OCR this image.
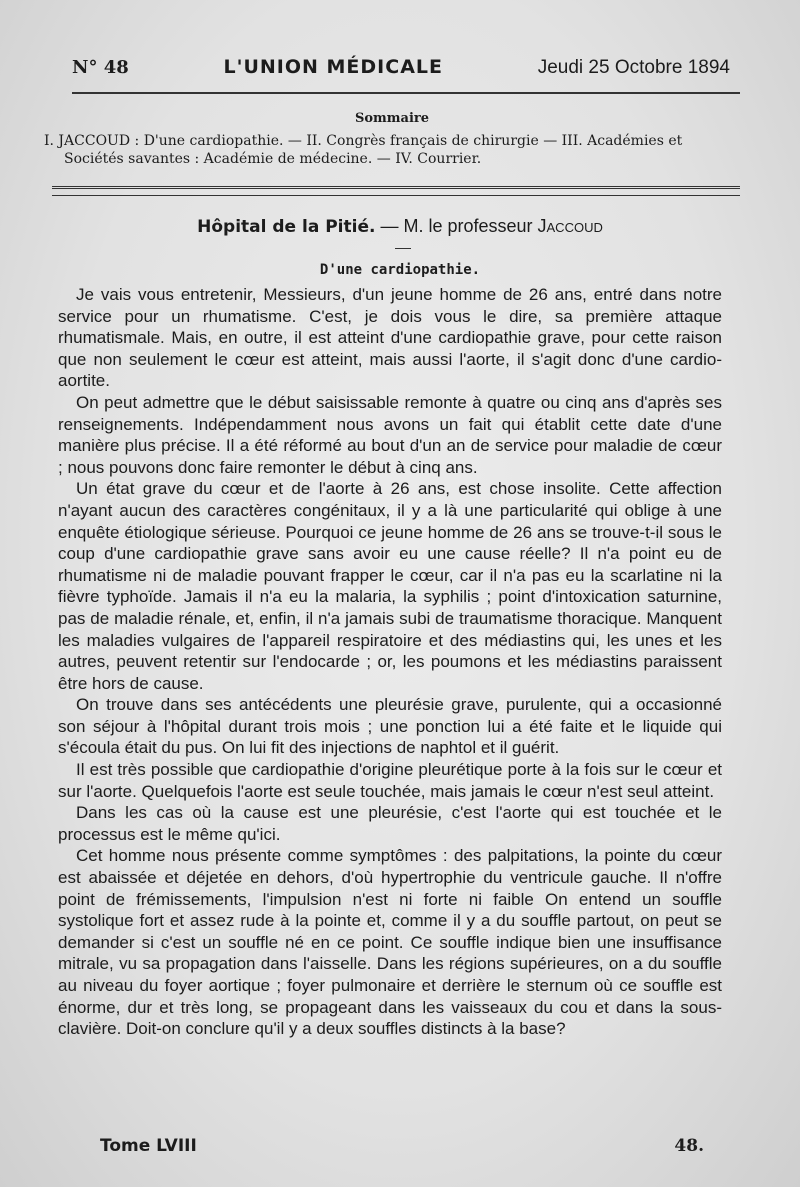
N° 48	L'UNION MÉDICALE	Jeudi 25 Octobre 1894
Sommaire
I. JACCOUD : D'une cardiopathie. — II. Congrès français de chirurgie — III. Académies et Sociétés savantes : Académie de médecine. — IV. Courrier.
Hôpital de la Pitié. — M. le professeur Jaccoud
D'une cardiopathie.

Je vais vous entretenir, Messieurs, d'un jeune homme de 26 ans, entré dans notre service pour un rhumatisme. C'est, je dois vous le dire, sa première attaque rhumatismale. Mais, en outre, il est atteint d'une cardiopathie grave, pour cette raison que non seulement le cœur est atteint, mais aussi l'aorte, il s'agit donc d'une cardio-aortite.

On peut admettre que le début saisissable remonte à quatre ou cinq ans d'après ses renseignements. Indépendamment nous avons un fait qui établit cette date d'une manière plus précise. Il a été réformé au bout d'un an de service pour maladie de cœur ; nous pouvons donc faire remonter le début à cinq ans.

Un état grave du cœur et de l'aorte à 26 ans, est chose insolite. Cette affection n'ayant aucun des caractères congénitaux, il y a là une particularité qui oblige à une enquête étiologique sérieuse. Pourquoi ce jeune homme de 26 ans se trouve-t-il sous le coup d'une cardiopathie grave sans avoir eu une cause réelle? Il n'a point eu de rhumatisme ni de maladie pouvant frapper le cœur, car il n'a pas eu la scarlatine ni la fièvre typhoïde. Jamais il n'a eu la malaria, la syphilis ; point d'intoxication saturnine, pas de maladie rénale, et, enfin, il n'a jamais subi de traumatisme thoracique. Manquent les maladies vulgaires de l'appareil respiratoire et des médiastins qui, les unes et les autres, peuvent retentir sur l'endocarde ; or, les poumons et les médiastins paraissent être hors de cause.

On trouve dans ses antécédents une pleurésie grave, purulente, qui a occasionné son séjour à l'hôpital durant trois mois ; une ponction lui a été faite et le liquide qui s'écoula était du pus. On lui fit des injections de naphtol et il guérit.

Il est très possible que cardiopathie d'origine pleurétique porte à la fois sur le cœur et sur l'aorte. Quelquefois l'aorte est seule touchée, mais jamais le cœur n'est seul atteint.

Dans les cas où la cause est une pleurésie, c'est l'aorte qui est touchée et le processus est le même qu'ici.

Cet homme nous présente comme symptômes : des palpitations, la pointe du cœur est abaissée et déjetée en dehors, d'où hypertrophie du ventricule gauche. Il n'offre point de frémissements, l'impulsion n'est ni forte ni faible On entend un souffle systolique fort et assez rude à la pointe et, comme il y a du souffle partout, on peut se demander si c'est un souffle né en ce point. Ce souffle indique bien une insuffisance mitrale, vu sa propagation dans l'aisselle. Dans les régions supérieures, on a du souffle au niveau du foyer aortique ; foyer pulmonaire et derrière le sternum où ce souffle est énorme, dur et très long, se propageant dans les vaisseaux du cou et dans la sous-clavière. Doit-on conclure qu'il y a deux souffles distincts à la base?

Tome LVIII	48.
